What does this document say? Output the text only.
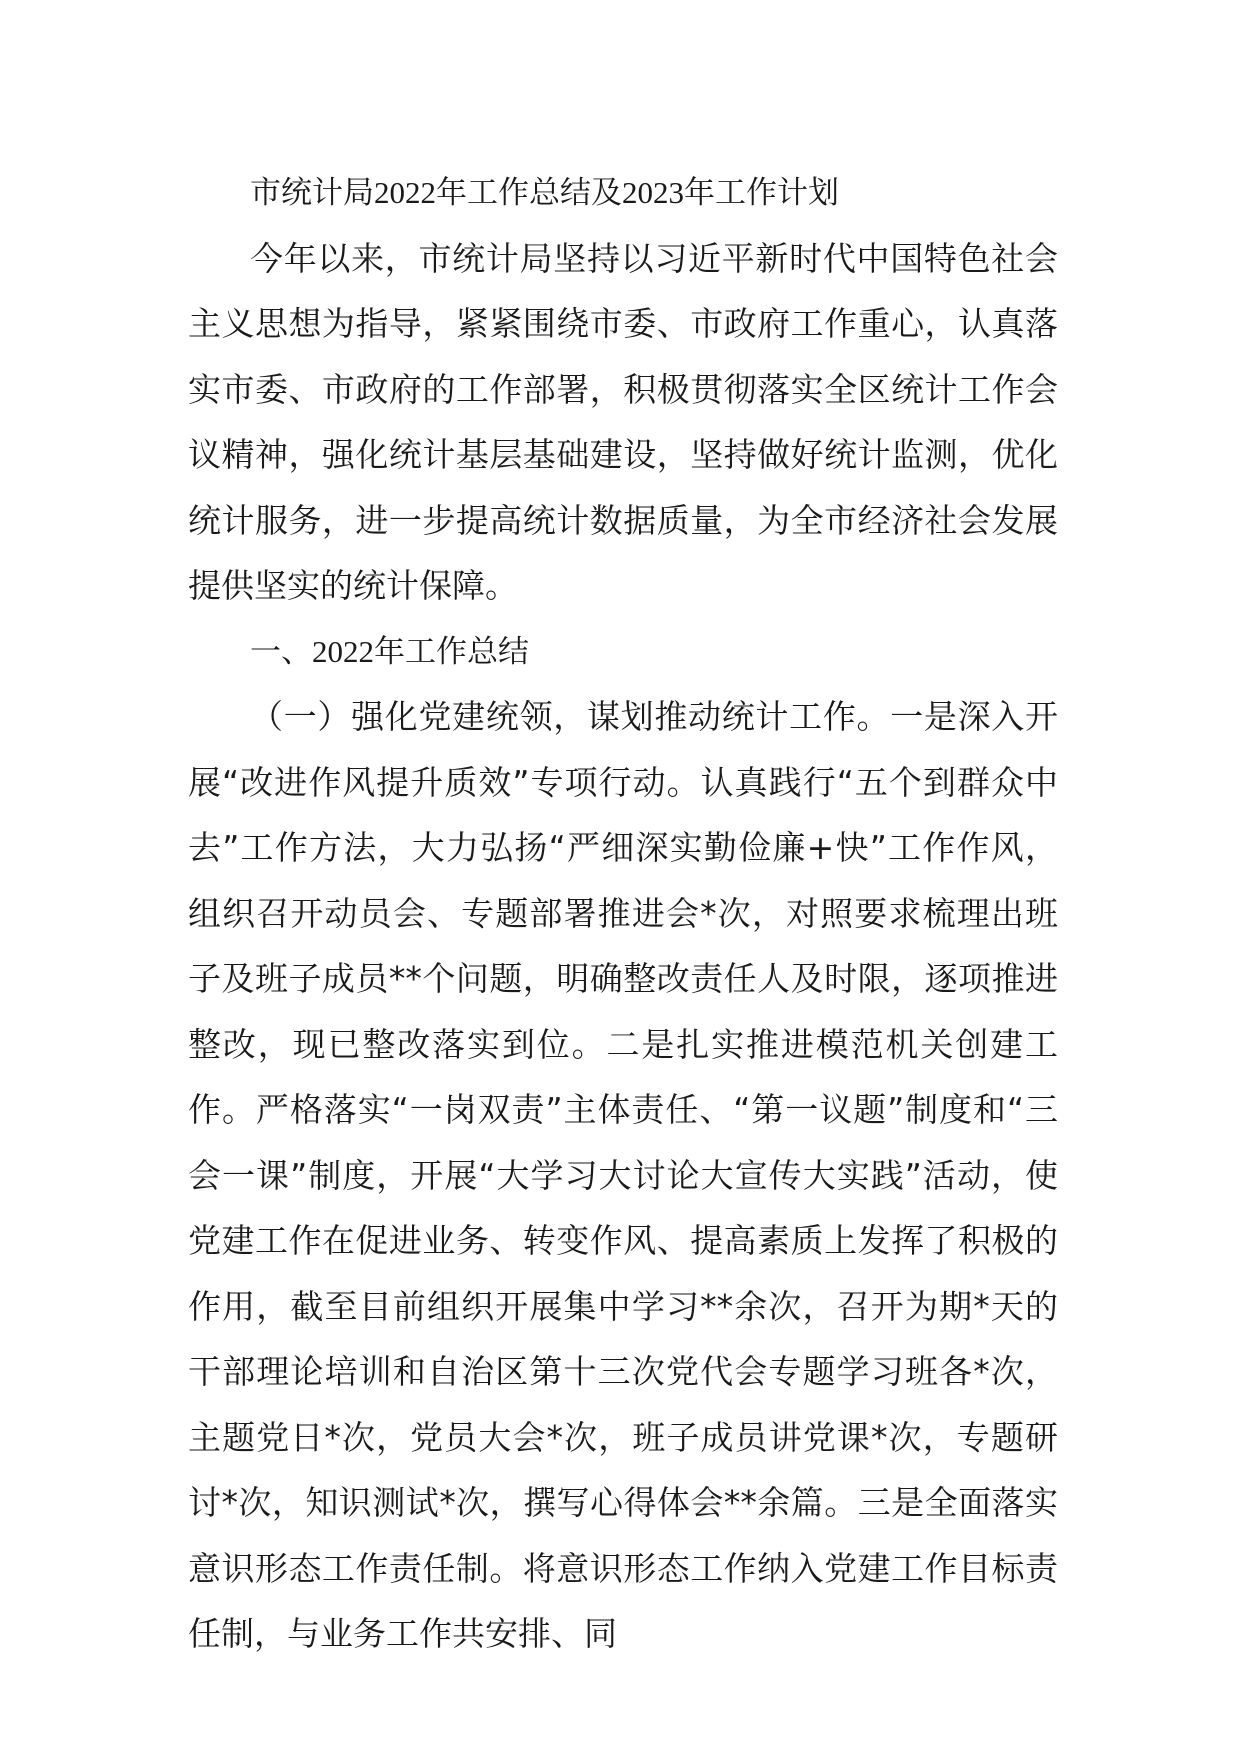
市统计局2022年工作总结及2023年工作计划

今年以来，市统计局坚持以习近平新时代中国特色社会主义思想为指导，紧紧围绕市委、市政府工作重心，认真落实市委、市政府的工作部署，积极贯彻落实全区统计工作会议精神，强化统计基层基础建设，坚持做好统计监测，优化统计服务，进一步提高统计数据质量，为全市经济社会发展提供坚实的统计保障。

一、2022年工作总结

（一）强化党建统领，谋划推动统计工作。一是深入开展“改进作风提升质效”专项行动。认真践行“五个到群众中去”工作方法，大力弘扬“严细深实勤俭廉+快”工作作风，组织召开动员会、专题部署推进会*次，对照要求梳理出班子及班子成员**个问题，明确整改责任人及时限，逐项推进整改，现已整改落实到位。二是扎实推进模范机关创建工作。严格落实“一岗双责”主体责任、“第一议题”制度和“三会一课”制度，开展“大学习大讨论大宣传大实践”活动，使党建工作在促进业务、转变作风、提高素质上发挥了积极的作用，截至目前组织开展集中学习**余次，召开为期*天的干部理论培训和自治区第十三次党代会专题学习班各*次，主题党日*次，党员大会*次，班子成员讲党课*次，专题研讨*次，知识测试*次，撰写心得体会**余篇。三是全面落实意识形态工作责任制。将意识形态工作纳入党建工作目标责任制，与业务工作共安排、同
